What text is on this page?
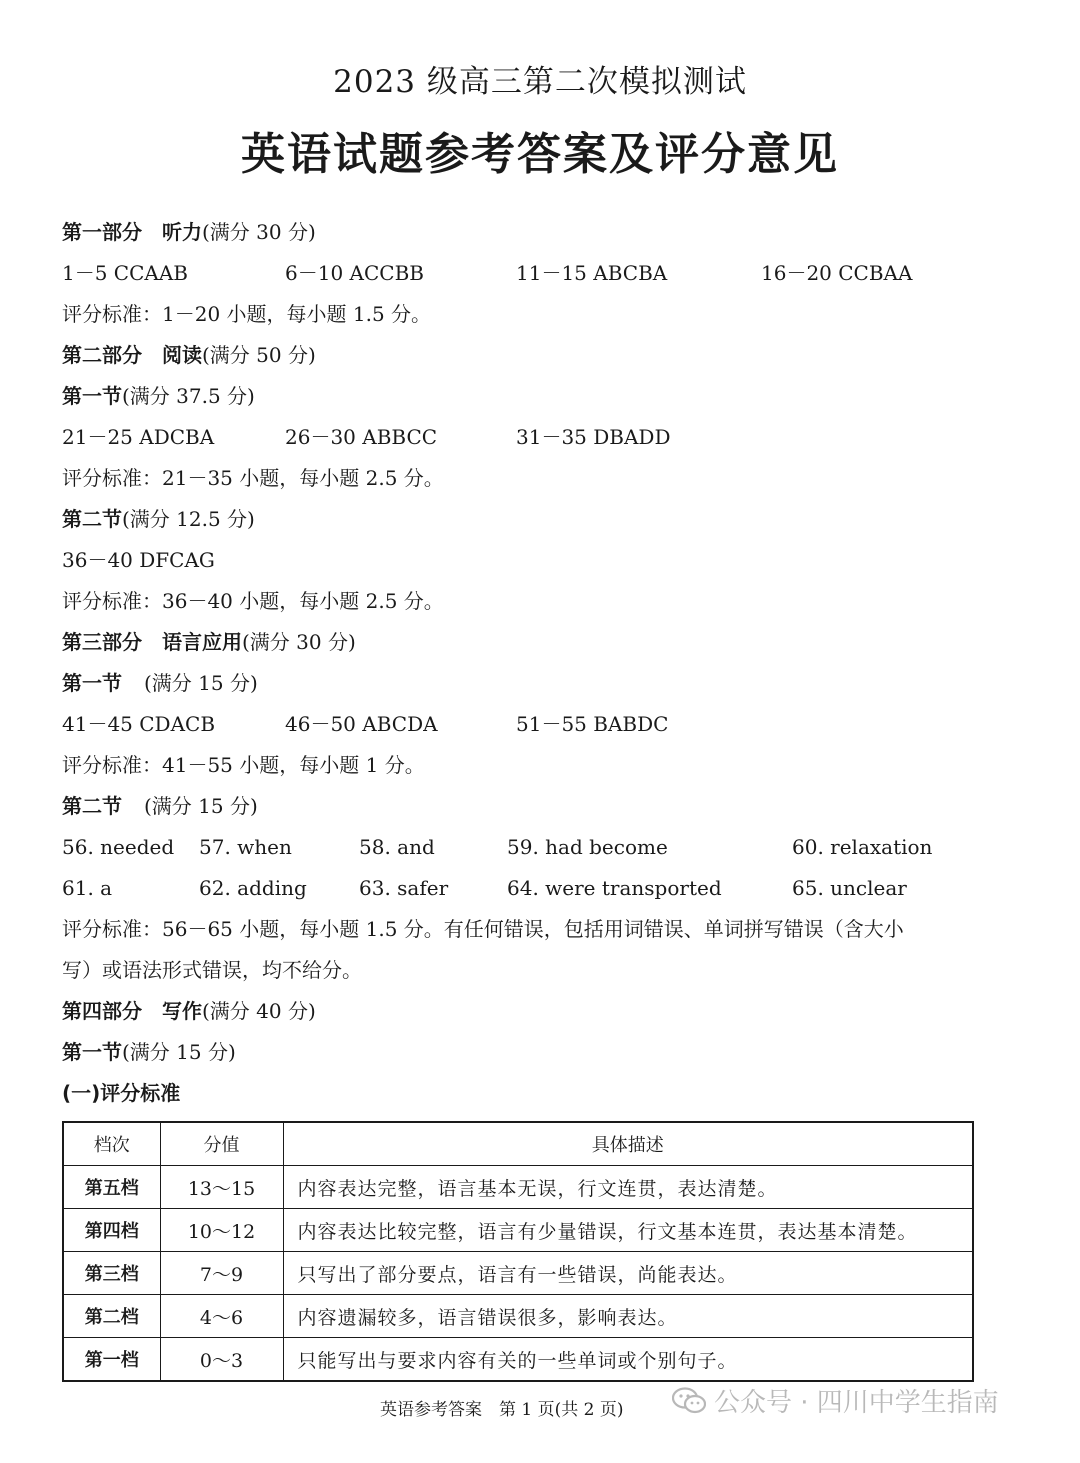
2023 级高三第二次模拟测试
英语试题参考答案及评分意见
第一部分　听力(满分 30 分)
1－5 CCAAB	6－10 ACCBB	11－15 ABCBA	16－20 CCBAA
评分标准：1－20 小题，每小题 1.5 分。
第二部分　阅读(满分 50 分)
第一节(满分 37.5 分)
21－25 ADCBA	26－30 ABBCC	31－35 DBADD
评分标准：21－35 小题，每小题 2.5 分。
第二节(满分 12.5 分)
36－40 DFCAG
评分标准：36－40 小题，每小题 2.5 分。
第三部分　语言应用(满分 30 分)
第一节 (满分 15 分)
41－45 CDACB	46－50 ABCDA	51－55 BABDC
评分标准：41－55 小题，每小题 1 分。
第二节 (满分 15 分)
56. needed	57. when	58. and	59. had become	60. relaxation
61. a	62. adding	63. safer	64. were transported	65. unclear
评分标准：56－65 小题，每小题 1.5 分。有任何错误，包括用词错误、单词拼写错误（含大小
写）或语法形式错误，均不给分。
第四部分　写作(满分 40 分)
第一节(满分 15 分)
(一)评分标准
档次	分值	具体描述
第五档	13～15	内容表达完整，语言基本无误，行文连贯，表达清楚。
第四档	10～12	内容表达比较完整，语言有少量错误，行文基本连贯，表达基本清楚。
第三档	7～9	只写出了部分要点，语言有一些错误，尚能表达。
第二档	4～6	内容遗漏较多，语言错误很多，影响表达。
第一档	0～3	只能写出与要求内容有关的一些单词或个别句子。
英语参考答案　第 1 页(共 2 页)	公众号 · 四川中学生指南
